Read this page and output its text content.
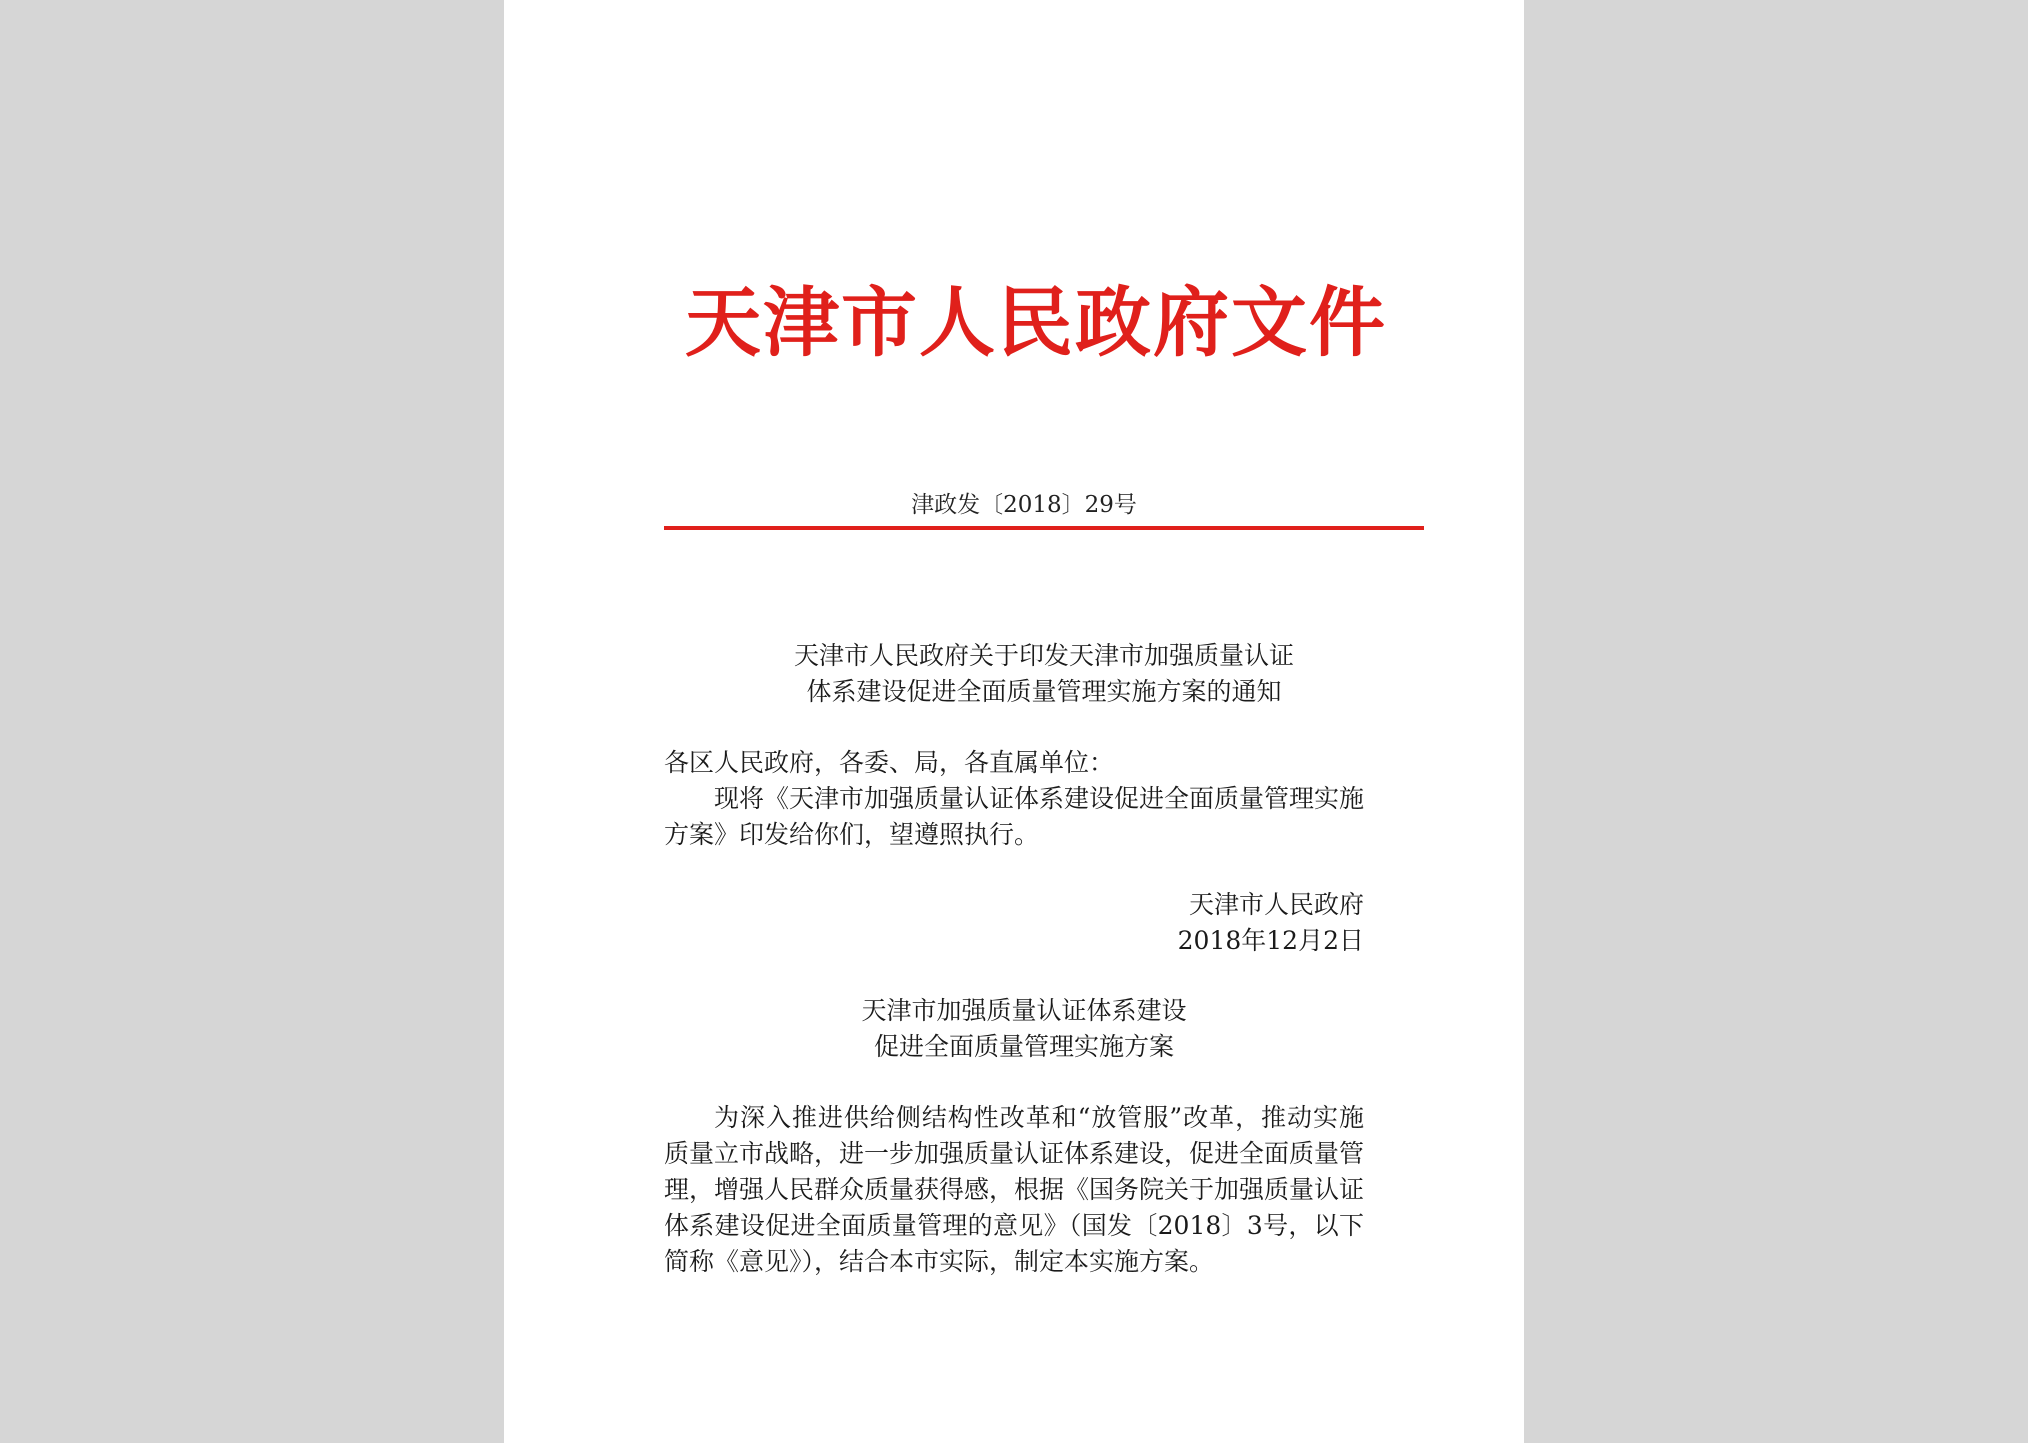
天津市人民政府文件
津政发〔2018〕29号
天津市人民政府关于印发天津市加强质量认证
体系建设促进全面质量管理实施方案的通知
各区人民政府，各委、局，各直属单位：

现将《天津市加强质量认证体系建设促进全面质量管理实施方案》印发给你们，望遵照执行。

天津市人民政府
2018年12月2日
天津市加强质量认证体系建设
促进全面质量管理实施方案

为深入推进供给侧结构性改革和“放管服”改革，推动实施质量立市战略，进一步加强质量认证体系建设，促进全面质量管理，增强人民群众质量获得感，根据《国务院关于加强质量认证体系建设促进全面质量管理的意见》（国发〔2018〕3号，以下简称《意见》），结合本市实际，制定本实施方案。
